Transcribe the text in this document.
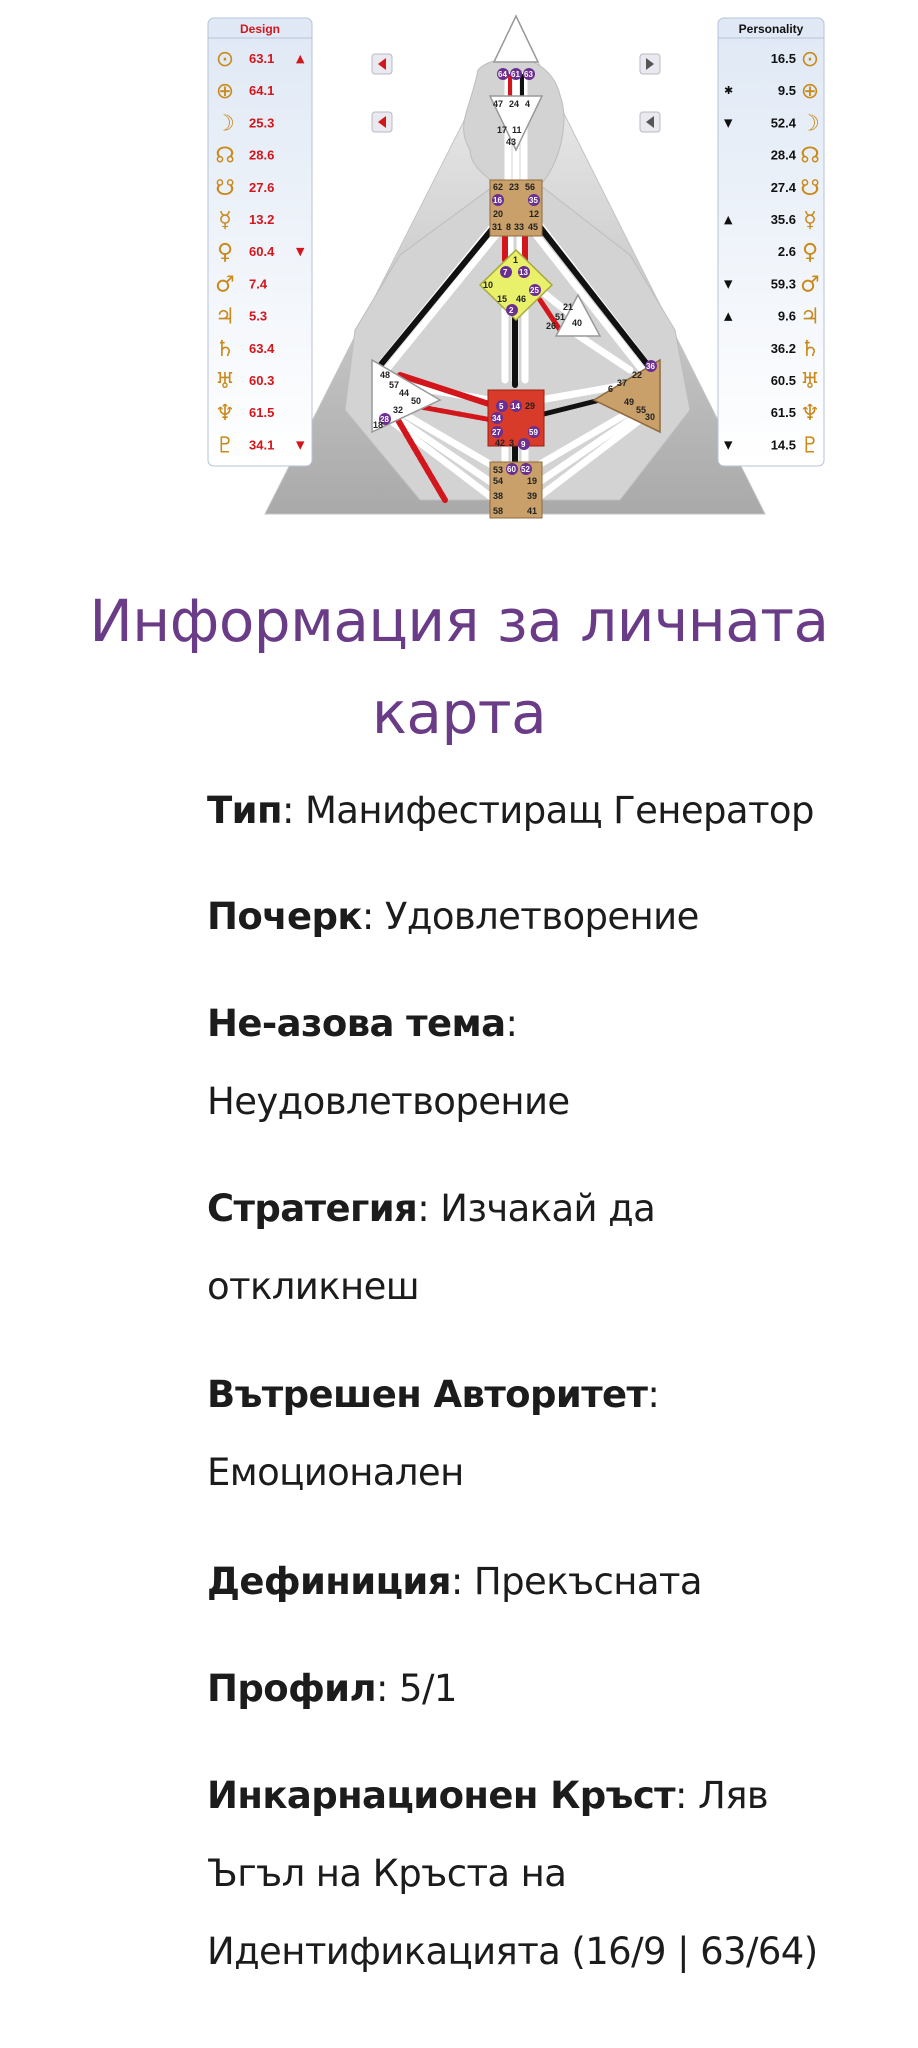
64 61 63
47 24 4
17 11
43
62 23 56
16	35
20	12
31 8 33 45
1
7 13
10
15 46
25
2	21
51
26 40
48
57
44
50
32
28
18
5 14 29
34
27
42 3
59
9
36
22
6
37
49
55
30
53 60 52
54	19
38	39
58	41
Design
⊙ 63.1 ▲
⊕ 64.1
☽ 25.3
☊ 28.6
☋ 27.6
☿ 13.2
♀ 60.4 ▼
♂ 7.4
♃ 5.3
♄ 63.4
♅ 60.3
♆ 61.5
♇ 34.1 ▼
Personality
16.5 ⊙
✱	9.5 ⊕
▼	52.4 ☽
28.4 ☊
27.4 ☋
▲	35.6 ☿
2.6 ♀
▼	59.3 ♂
▲	9.6 ♃
36.2 ♄
60.5 ♅
61.5 ♆
▼	14.5 ♇
Информация за личната карта
Тип: Манифестиращ Генератор
Почерк: Удовлетворение
Не-азова тема: Неудовлетворение
Стратегия: Изчакай да откликнеш
Вътрешен Авторитет: Емоционален
Дефиниция: Прекъсната
Профил: 5/1
Инкарнационен Кръст: Ляв Ъгъл на Кръста на Идентификацията (16/9 | 63/64)
